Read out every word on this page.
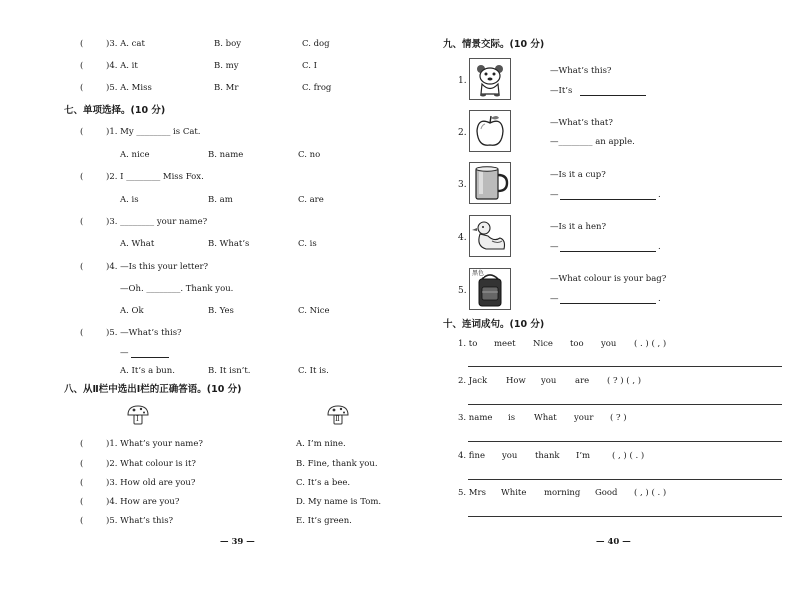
(	)3. A. cat	B. boy	C. dog
(	)4. A. it	B. my	C. I
(	)5. A. Miss	B. Mr	C. frog
七、单项选择。(10 分)
(	)1. My ________ is Cat.
A. nice	B. name	C. no
(	)2. I ________ Miss Fox.
A. is	B. am	C. are
(	)3. ________ your name?
A. What	B. What’s	C. is
(	)4. —Is this your letter?
—Oh. ________. Thank you.
A. Ok	B. Yes	C. Nice
(	)5. —What’s this?
—
A. It’s a bun.	B. It isn’t.	C. It is.
八、从Ⅱ栏中选出Ⅰ栏的正确答语。(10 分)
Ⅰ	Ⅱ
(	)1. What’s your name?	A. I’m nine.
(	)2. What colour is it?	B. Fine, thank you.
(	)3. How old are you?	C. It’s a bee.
(	)4. How are you?	D. My name is Tom.
(	)5. What’s this?	E. It’s green.
— 39 —
九、情景交际。(10 分)
1.
—What’s this?
—It’s
2.
—What’s that?
—________ an apple.
3.
—Is it a cup?
—	.
4.
—Is it a hen?
—	.
5.
黑色
—What colour is your bag?
—	.
十、连词成句。(10 分)
1. to meet Nice too you ( . ) ( , )
2. Jack How you are ( ? ) ( , )
3. name is What your ( ? )
4. fine you thank I’m	( , ) ( . )
5. Mrs White morning Good ( , ) ( . )
— 40 —
